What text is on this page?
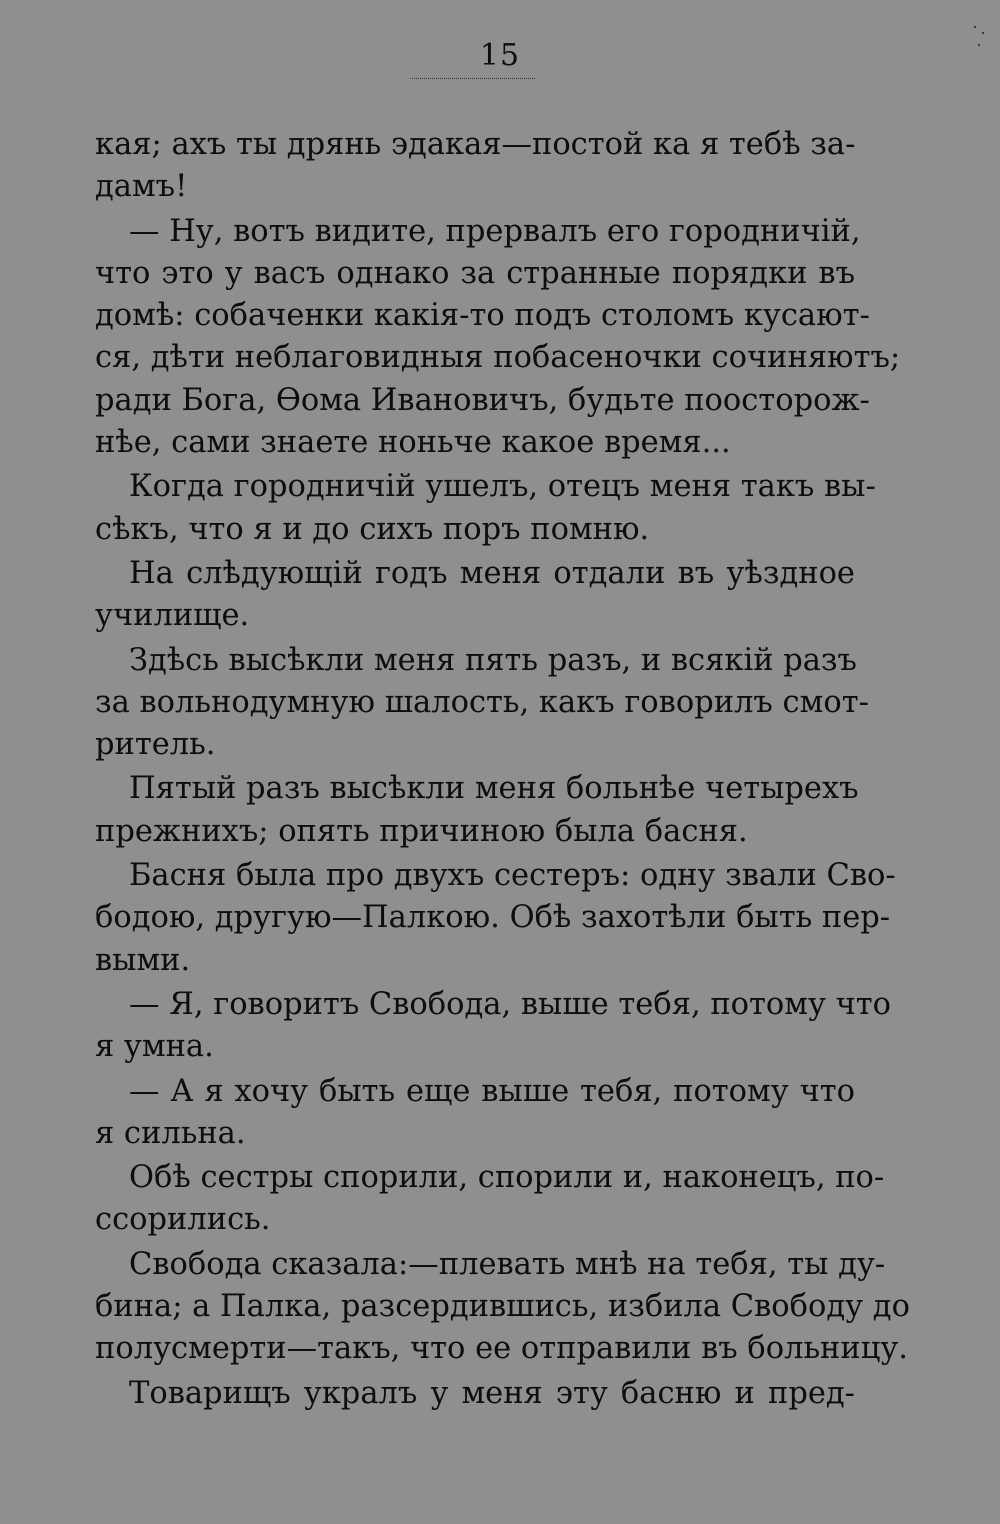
15
кая; ахъ ты дрянь эдакая—постой ка я тебѣ за-
дамъ!
— Ну, вотъ видите, прервалъ его городничій,
что это у васъ однако за странные порядки въ
домѣ: собаченки какія-то подъ столомъ кусают-
ся, дѣти неблаговидныя побасеночки сочиняютъ;
ради Бога, Ѳома Ивановичъ, будьте поосторож-
нѣе, сами знаете ноньче какое время...
Когда городничій ушелъ, отецъ меня такъ вы-
сѣкъ, что я и до сихъ поръ помню.
На слѣдующій годъ меня отдали въ уѣздное
училище.
Здѣсь высѣкли меня пять разъ, и всякій разъ
за вольнодумную шалость, какъ говорилъ смот-
ритель.
Пятый разъ высѣкли меня больнѣе четырехъ
прежнихъ; опять причиною была басня.
Басня была про двухъ сестеръ: одну звали Сво-
бодою, другую—Палкою. Обѣ захотѣли быть пер-
выми.
— Я, говоритъ Свобода, выше тебя, потому что
я умна.
— А я хочу быть еще выше тебя, потому что
я сильна.
Обѣ сестры спорили, спорили и, наконецъ, по-
ссорились.
Свобода сказала:—плевать мнѣ на тебя, ты ду-
бина; а Палка, разсердившись, избила Свободу до
полусмерти—такъ, что ее отправили въ больницу.
Товарищъ укралъ у меня эту басню и пред-
